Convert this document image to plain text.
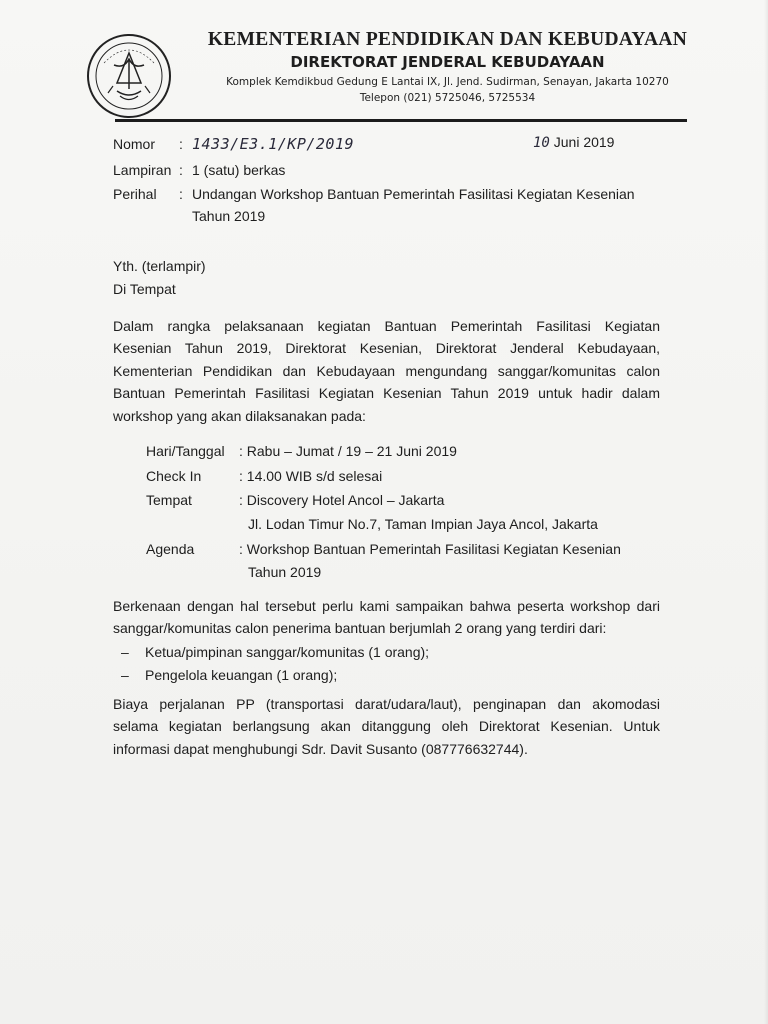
KEMENTERIAN PENDIDIKAN DAN KEBUDAYAAN
DIREKTORAT JENDERAL KEBUDAYAAN
Komplek Kemdikbud Gedung E Lantai IX, Jl. Jend. Sudirman, Senayan, Jakarta 10270
Telepon (021) 5725046, 5725534
Nomor : 1433/E3.1/KP/2019	10 Juni 2019
Lampiran : 1 (satu) berkas
Perihal : Undangan Workshop Bantuan Pemerintah Fasilitasi Kegiatan Kesenian
Tahun 2019
Yth. (terlampir)
Di Tempat
Dalam rangka pelaksanaan kegiatan Bantuan Pemerintah Fasilitasi Kegiatan
Kesenian Tahun 2019, Direktorat Kesenian, Direktorat Jenderal Kebudayaan,
Kementerian Pendidikan dan Kebudayaan mengundang sanggar/komunitas calon
Bantuan Pemerintah Fasilitasi Kegiatan Kesenian Tahun 2019 untuk hadir dalam
workshop yang akan dilaksanakan pada:
Hari/Tanggal : Rabu – Jumat / 19 – 21 Juni 2019
Check In	: 14.00 WIB s/d selesai
Tempat	: Discovery Hotel Ancol – Jakarta
Jl. Lodan Timur No.7, Taman Impian Jaya Ancol, Jakarta
Agenda	: Workshop Bantuan Pemerintah Fasilitasi Kegiatan Kesenian
Tahun 2019
Berkenaan dengan hal tersebut perlu kami sampaikan bahwa peserta workshop dari
sanggar/komunitas calon penerima bantuan berjumlah 2 orang yang terdiri dari:
– Ketua/pimpinan sanggar/komunitas (1 orang);
– Pengelola keuangan (1 orang);
Biaya perjalanan PP (transportasi darat/udara/laut), penginapan dan akomodasi
selama kegiatan berlangsung akan ditanggung oleh Direktorat Kesenian. Untuk
informasi dapat menghubungi Sdr. Davit Susanto (087776632744).
